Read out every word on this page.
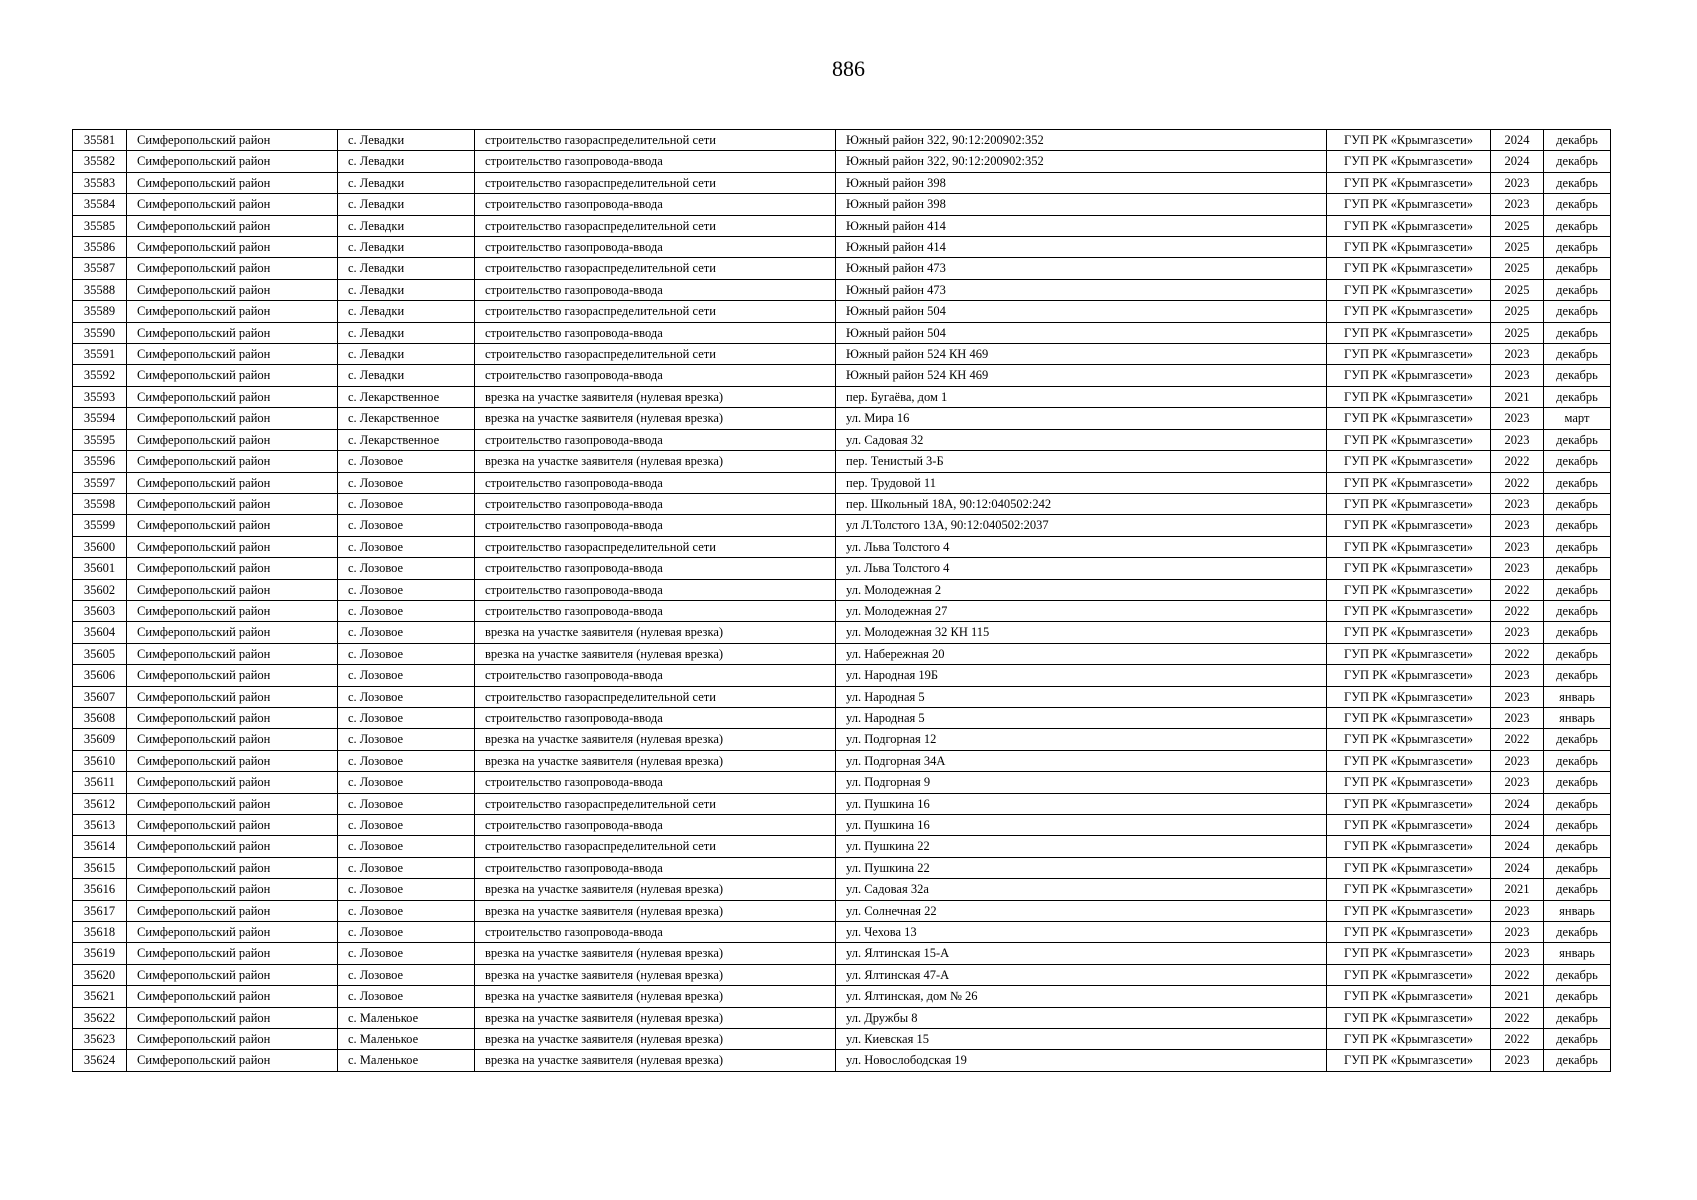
886
35581	Симферопольский район	с. Левадки	строительство газораспределительной сети	Южный район 322, 90:12:200902:352	ГУП РК «Крымгазсети»	2024	декабрь
35582	Симферопольский район	с. Левадки	строительство газопровода-ввода	Южный район 322, 90:12:200902:352	ГУП РК «Крымгазсети»	2024	декабрь
35583	Симферопольский район	с. Левадки	строительство газораспределительной сети	Южный район 398	ГУП РК «Крымгазсети»	2023	декабрь
35584	Симферопольский район	с. Левадки	строительство газопровода-ввода	Южный район 398	ГУП РК «Крымгазсети»	2023	декабрь
35585	Симферопольский район	с. Левадки	строительство газораспределительной сети	Южный район 414	ГУП РК «Крымгазсети»	2025	декабрь
35586	Симферопольский район	с. Левадки	строительство газопровода-ввода	Южный район 414	ГУП РК «Крымгазсети»	2025	декабрь
35587	Симферопольский район	с. Левадки	строительство газораспределительной сети	Южный район 473	ГУП РК «Крымгазсети»	2025	декабрь
35588	Симферопольский район	с. Левадки	строительство газопровода-ввода	Южный район 473	ГУП РК «Крымгазсети»	2025	декабрь
35589	Симферопольский район	с. Левадки	строительство газораспределительной сети	Южный район 504	ГУП РК «Крымгазсети»	2025	декабрь
35590	Симферопольский район	с. Левадки	строительство газопровода-ввода	Южный район 504	ГУП РК «Крымгазсети»	2025	декабрь
35591	Симферопольский район	с. Левадки	строительство газораспределительной сети	Южный район 524 КН 469	ГУП РК «Крымгазсети»	2023	декабрь
35592	Симферопольский район	с. Левадки	строительство газопровода-ввода	Южный район 524 КН 469	ГУП РК «Крымгазсети»	2023	декабрь
35593	Симферопольский район	с. Лекарственное	врезка на участке заявителя (нулевая врезка)	пер. Бугаёва, дом 1	ГУП РК «Крымгазсети»	2021	декабрь
35594	Симферопольский район	с. Лекарственное	врезка на участке заявителя (нулевая врезка)	ул. Мира 16	ГУП РК «Крымгазсети»	2023	март
35595	Симферопольский район	с. Лекарственное	строительство газопровода-ввода	ул. Садовая 32	ГУП РК «Крымгазсети»	2023	декабрь
35596	Симферопольский район	с. Лозовое	врезка на участке заявителя (нулевая врезка)	пер. Тенистый 3-Б	ГУП РК «Крымгазсети»	2022	декабрь
35597	Симферопольский район	с. Лозовое	строительство газопровода-ввода	пер. Трудовой 11	ГУП РК «Крымгазсети»	2022	декабрь
35598	Симферопольский район	с. Лозовое	строительство газопровода-ввода	пер. Школьный 18А, 90:12:040502:242	ГУП РК «Крымгазсети»	2023	декабрь
35599	Симферопольский район	с. Лозовое	строительство газопровода-ввода	ул Л.Толстого 13А, 90:12:040502:2037	ГУП РК «Крымгазсети»	2023	декабрь
35600	Симферопольский район	с. Лозовое	строительство газораспределительной сети	ул. Льва Толстого 4	ГУП РК «Крымгазсети»	2023	декабрь
35601	Симферопольский район	с. Лозовое	строительство газопровода-ввода	ул. Льва Толстого 4	ГУП РК «Крымгазсети»	2023	декабрь
35602	Симферопольский район	с. Лозовое	строительство газопровода-ввода	ул. Молодежная 2	ГУП РК «Крымгазсети»	2022	декабрь
35603	Симферопольский район	с. Лозовое	строительство газопровода-ввода	ул. Молодежная 27	ГУП РК «Крымгазсети»	2022	декабрь
35604	Симферопольский район	с. Лозовое	врезка на участке заявителя (нулевая врезка)	ул. Молодежная 32 КН 115	ГУП РК «Крымгазсети»	2023	декабрь
35605	Симферопольский район	с. Лозовое	врезка на участке заявителя (нулевая врезка)	ул. Набережная 20	ГУП РК «Крымгазсети»	2022	декабрь
35606	Симферопольский район	с. Лозовое	строительство газопровода-ввода	ул. Народная 19Б	ГУП РК «Крымгазсети»	2023	декабрь
35607	Симферопольский район	с. Лозовое	строительство газораспределительной сети	ул. Народная 5	ГУП РК «Крымгазсети»	2023	январь
35608	Симферопольский район	с. Лозовое	строительство газопровода-ввода	ул. Народная 5	ГУП РК «Крымгазсети»	2023	январь
35609	Симферопольский район	с. Лозовое	врезка на участке заявителя (нулевая врезка)	ул. Подгорная 12	ГУП РК «Крымгазсети»	2022	декабрь
35610	Симферопольский район	с. Лозовое	врезка на участке заявителя (нулевая врезка)	ул. Подгорная 34А	ГУП РК «Крымгазсети»	2023	декабрь
35611	Симферопольский район	с. Лозовое	строительство газопровода-ввода	ул. Подгорная 9	ГУП РК «Крымгазсети»	2023	декабрь
35612	Симферопольский район	с. Лозовое	строительство газораспределительной сети	ул. Пушкина 16	ГУП РК «Крымгазсети»	2024	декабрь
35613	Симферопольский район	с. Лозовое	строительство газопровода-ввода	ул. Пушкина 16	ГУП РК «Крымгазсети»	2024	декабрь
35614	Симферопольский район	с. Лозовое	строительство газораспределительной сети	ул. Пушкина 22	ГУП РК «Крымгазсети»	2024	декабрь
35615	Симферопольский район	с. Лозовое	строительство газопровода-ввода	ул. Пушкина 22	ГУП РК «Крымгазсети»	2024	декабрь
35616	Симферопольский район	с. Лозовое	врезка на участке заявителя (нулевая врезка)	ул. Садовая 32а	ГУП РК «Крымгазсети»	2021	декабрь
35617	Симферопольский район	с. Лозовое	врезка на участке заявителя (нулевая врезка)	ул. Солнечная 22	ГУП РК «Крымгазсети»	2023	январь
35618	Симферопольский район	с. Лозовое	строительство газопровода-ввода	ул. Чехова 13	ГУП РК «Крымгазсети»	2023	декабрь
35619	Симферопольский район	с. Лозовое	врезка на участке заявителя (нулевая врезка)	ул. Ялтинская 15-А	ГУП РК «Крымгазсети»	2023	январь
35620	Симферопольский район	с. Лозовое	врезка на участке заявителя (нулевая врезка)	ул. Ялтинская 47-А	ГУП РК «Крымгазсети»	2022	декабрь
35621	Симферопольский район	с. Лозовое	врезка на участке заявителя (нулевая врезка)	ул. Ялтинская, дом № 26	ГУП РК «Крымгазсети»	2021	декабрь
35622	Симферопольский район	с. Маленькое	врезка на участке заявителя (нулевая врезка)	ул. Дружбы 8	ГУП РК «Крымгазсети»	2022	декабрь
35623	Симферопольский район	с. Маленькое	врезка на участке заявителя (нулевая врезка)	ул. Киевская 15	ГУП РК «Крымгазсети»	2022	декабрь
35624	Симферопольский район	с. Маленькое	врезка на участке заявителя (нулевая врезка)	ул. Новослободская 19	ГУП РК «Крымгазсети»	2023	декабрь
